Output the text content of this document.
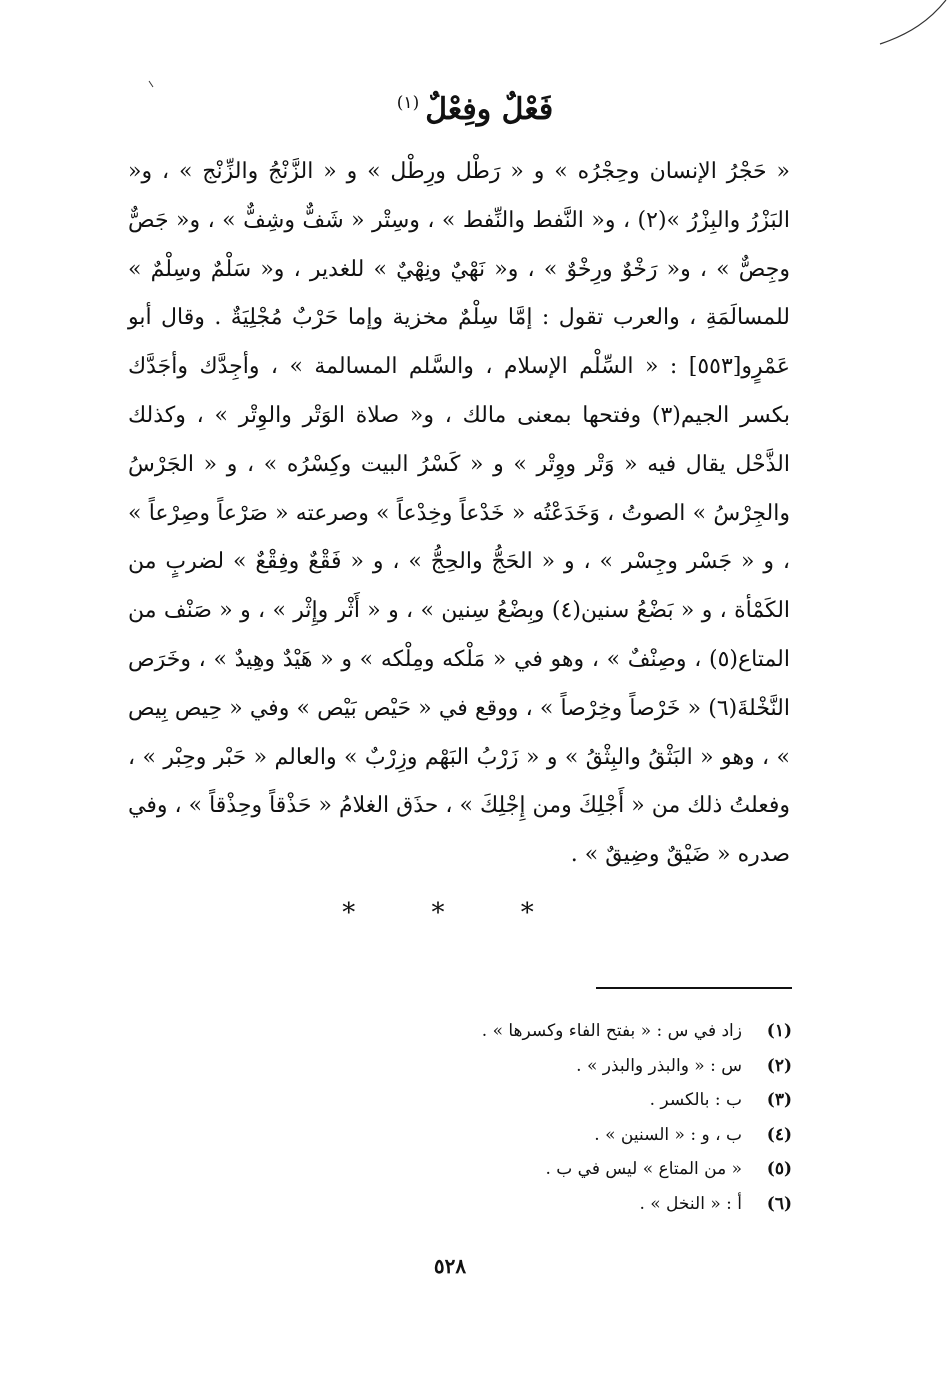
فَعْلٌ وفِعْلٌ$^{(١)}$

« حَجْرُ الإنسان وحِجْرُه » و « رَطْل ورِطْل » و « الزَّنْجُ والزِّنْج » ، و« البَزْرُ والبِزْرُ »(٢) ، و« النَّفط والنِّفط » ، وسِتْر « شَفٌّ وشِفٌّ » ، و« جَصٌّ وجِصٌّ » ، و« رَخْوٌ ورِخْوٌ » ، و« نَهْيٌ ونِهْيٌ » للغدير ، و« سَلْمٌ وسِلْمٌ » للمسالَمَةِ ، والعرب تقول : إمَّا سِلْمٌ مخزية وإما حَرْبٌ مُجْلِيَةٌ . وقال أبو عَمْرٍو[٥٥٣] : « السِّلْم الإسلام ، والسَّلم المسالمة » ، وأجِدَّك وأجَدَّك بكسر الجيم(٣) وفتحها بمعنى مالك ، و« صلاة الوَتْر والوِتْر » ، وكذلك الذَّحْل يقال فيه « وَتْر ووِتْر » و « كَسْرُ البيت وكِسْرُه » ، و « الجَرْسُ والجِرْسُ » الصوتُ ، وَخَدَعْتُه « خَدْعاً وخِدْعاً » وصرعته « صَرْعاً وصِرْعاً » ، و « جَسْر وجِسْر » ، و « الحَجُّ والحِجُّ » ، و « فَقْعٌ وفِقْعٌ » لضربٍ من الكَمْأة ، و « بَضْعُ سنين(٤) وبِضْعُ سِنين » ، و « أَثْر وإِثْر » ، و « صَنْف من المتاع(٥) ، وصِنْفٌ » ، وهو في « مَلْكه ومِلْكه » و « هَيْدٌ وهِيدٌ » ، وخَرَص النَّخْلةَ(٦) « خَرْصاً وخِرْصاً » ، ووقع في « حَيْص بَيْص » وفي « حِيص بِيص » ، وهو « البَثْقُ والبِثْقُ » و « زَرْبُ البَهْم وزِرْبٌ » والعالم « حَبْر وحِبْر » ، وفعلتُ ذلك من « أَجْلِكَ ومن إِجْلِكَ » ، حذَق الغلامُ « حَذْقاً وحِذْقاً » ، وفي صدره « ضَيْقٌ وضِيقٌ » .

* * *
(١)زاد في س : « بفتح الفاء وكسرها » .
(٢)س : « والبذر والبذر » .
(٣)ب : بالكسر .
(٤)ب ، و : « السنين » .
(٥)« من المتاع » ليس في ب .
(٦)أ : « النخل » .
٥٢٨
